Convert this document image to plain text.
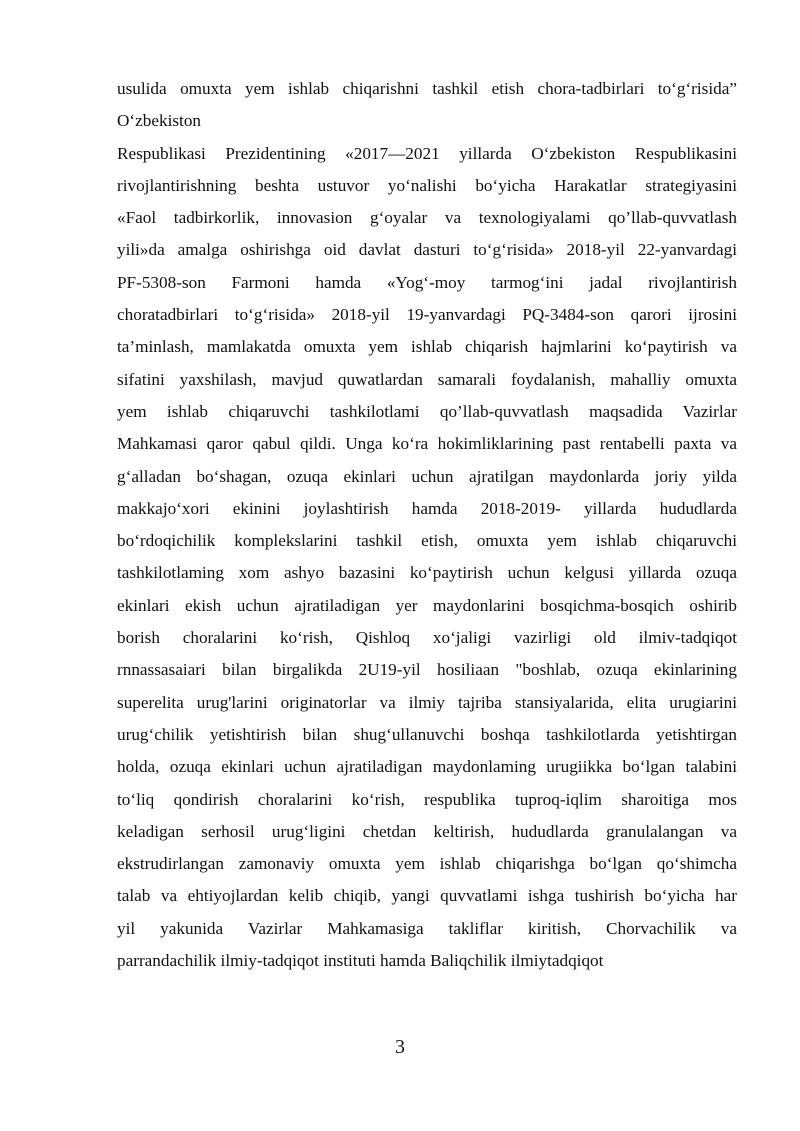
usulida omuxta yem ishlab chiqarishni tashkil etish chora-tadbirlari to‘g‘risida”
O‘zbekiston
Respublikasi Prezidentining «2017—2021 yillarda O‘zbekiston Respublikasini
rivojlantirishning beshta ustuvor yo‘nalishi bo‘yicha Harakatlar strategiyasini
«Faol tadbirkorlik, innovasion g‘oyalar va texnologiyalami qo’llab-quvvatlash
yili»da amalga oshirishga oid davlat dasturi to‘g‘risida» 2018-yil 22-yanvardagi
PF-5308-son Farmoni hamda «Yog‘-moy tarmog‘ini jadal rivojlantirish
choratadbirlari to‘g‘risida» 2018-yil 19-yanvardagi PQ-3484-son qarori ijrosini
ta’minlash, mamlakatda omuxta yem ishlab chiqarish hajmlarini ko‘paytirish va
sifatini yaxshilash, mavjud quwatlardan samarali foydalanish, mahalliy omuxta
yem ishlab chiqaruvchi tashkilotlami qo’llab-quvvatlash maqsadida Vazirlar
Mahkamasi qaror qabul qildi. Unga ko‘ra hokimliklarining past rentabelli paxta va
g‘alladan bo‘shagan, ozuqa ekinlari uchun ajratilgan maydonlarda joriy yilda
makkajo‘xori ekinini joylashtirish hamda 2018-2019- yillarda hududlarda
bo‘rdoqichilik komplekslarini tashkil etish, omuxta yem ishlab chiqaruvchi
tashkilotlaming xom ashyo bazasini ko‘paytirish uchun kelgusi yillarda ozuqa
ekinlari ekish uchun ajratiladigan yer maydonlarini bosqichma-bosqich oshirib
borish choralarini ko‘rish, Qishloq xo‘jaligi vazirligi old ilmiv-tadqiqot
rnnassasaiari bilan birgalikda 2U19-yil hosiliaan "boshlab, ozuqa ekinlarining
superelita urug'larini originatorlar va ilmiy tajriba stansiyalarida, elita urugiarini
urug‘chilik yetishtirish bilan shug‘ullanuvchi boshqa tashkilotlarda yetishtirgan
holda, ozuqa ekinlari uchun ajratiladigan maydonlaming urugiikka bo‘lgan talabini
to‘liq qondirish choralarini ko‘rish, respublika tuproq-iqlim sharoitiga mos
keladigan serhosil urug‘ligini chetdan keltirish, hududlarda granulalangan va
ekstrudirlangan zamonaviy omuxta yem ishlab chiqarishga bo‘lgan qo‘shimcha
talab va ehtiyojlardan kelib chiqib, yangi quvvatlami ishga tushirish bo‘yicha har
yil yakunida Vazirlar Mahkamasiga takliflar kiritish, Chorvachilik va
parrandachilik ilmiy-tadqiqot instituti hamda Baliqchilik ilmiytadqiqot
3
